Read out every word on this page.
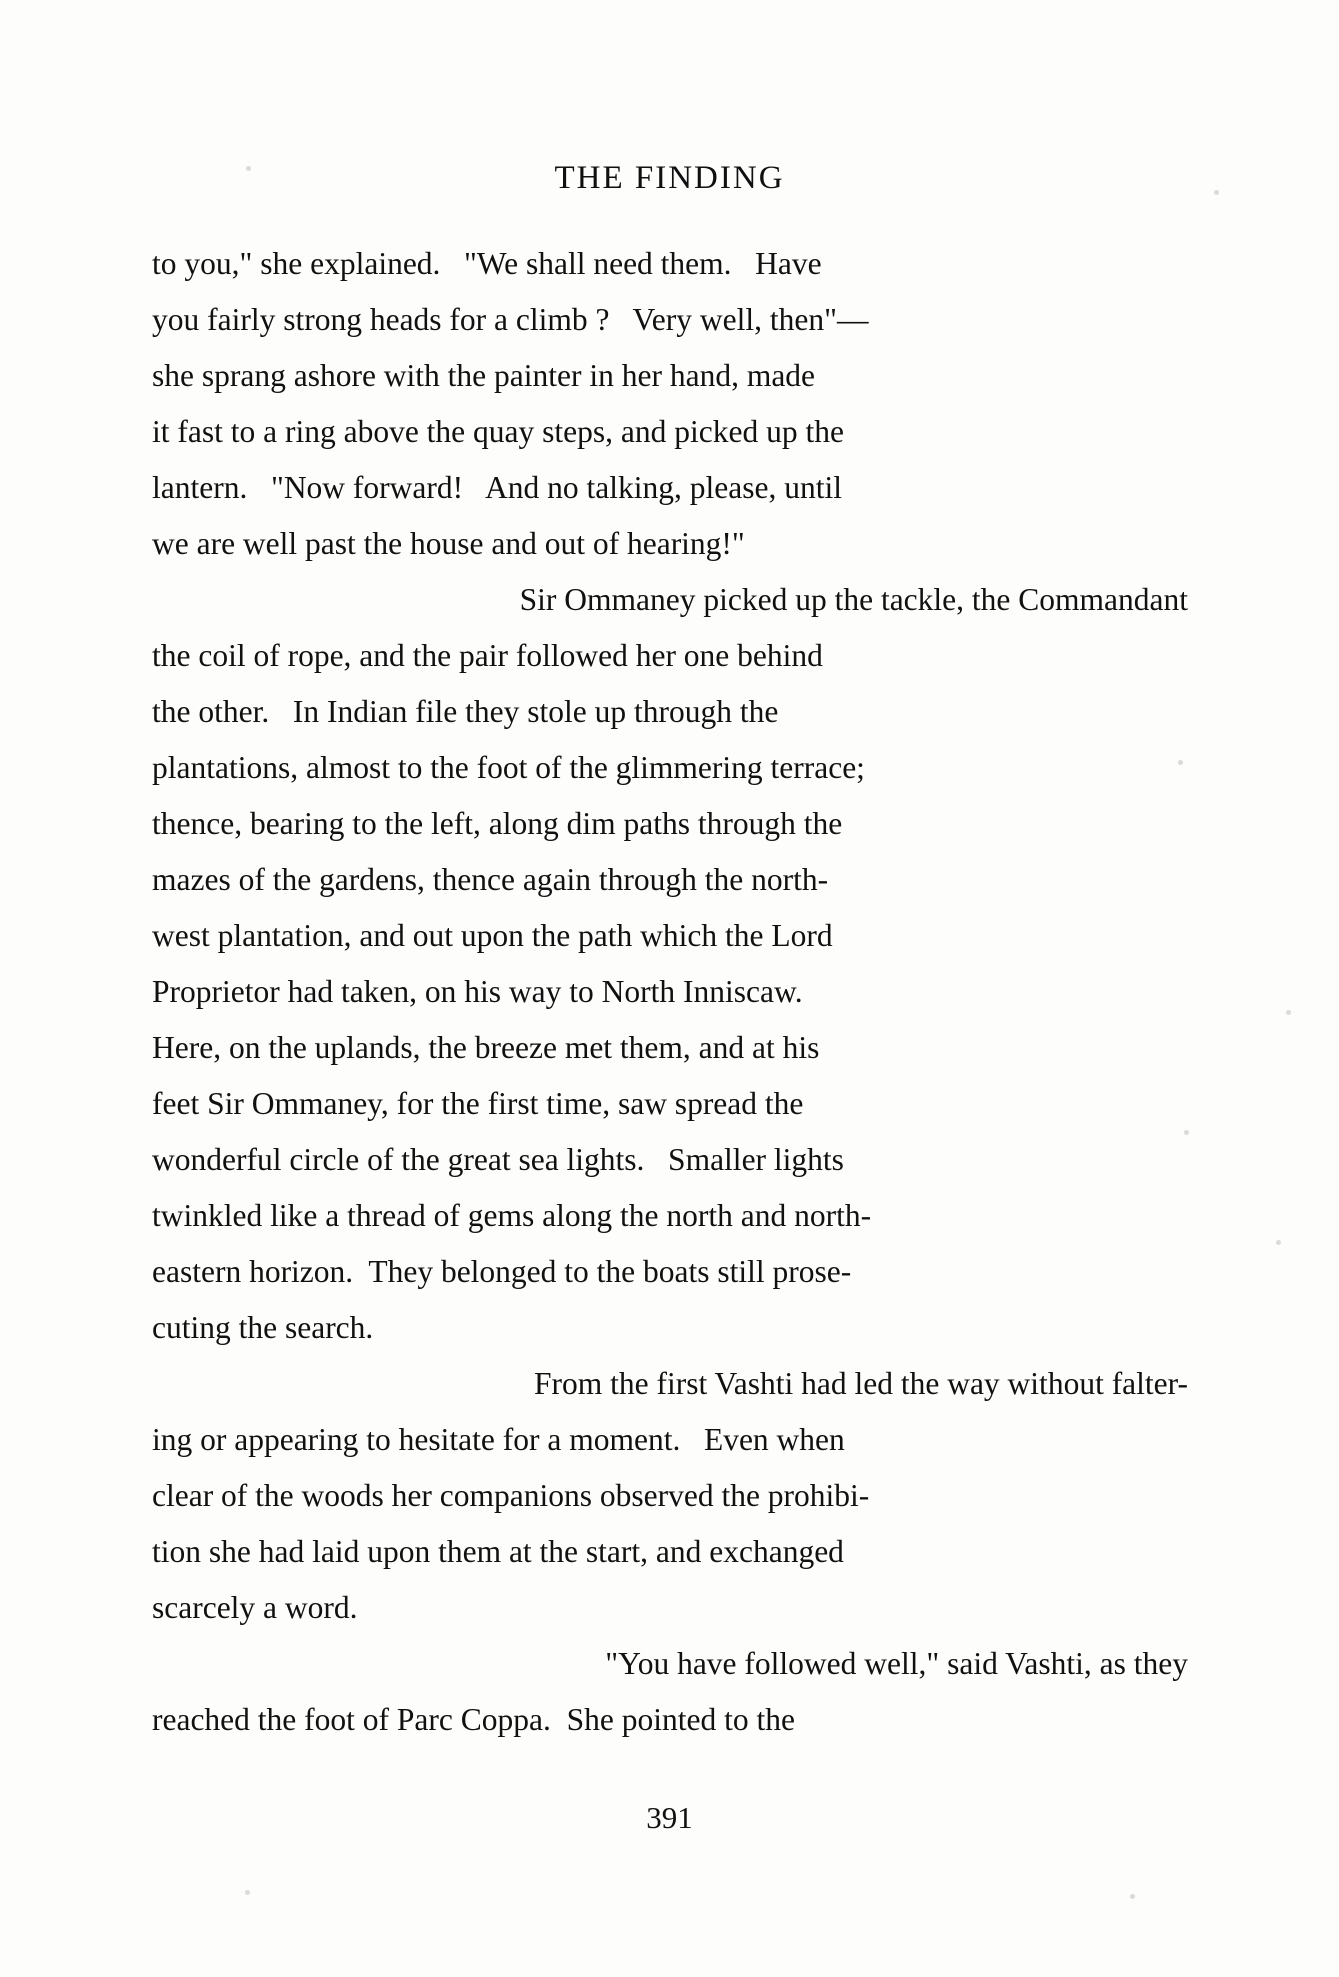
THE FINDING

to you," she explained.   "We shall need them.   Have
you fairly strong heads for a climb ?   Very well, then"—
she sprang ashore with the painter in her hand, made
it fast to a ring above the quay steps, and picked up the
lantern.   "Now forward!   And no talking, please, until
we are well past the house and out of hearing!"

Sir Ommaney picked up the tackle, the Commandant
the coil of rope, and the pair followed her one behind
the other.   In Indian file they stole up through the
plantations, almost to the foot of the glimmering terrace;
thence, bearing to the left, along dim paths through the
mazes of the gardens, thence again through the north-
west plantation, and out upon the path which the Lord
Proprietor had taken, on his way to North Inniscaw.
Here, on the uplands, the breeze met them, and at his
feet Sir Ommaney, for the first time, saw spread the
wonderful circle of the great sea lights.   Smaller lights
twinkled like a thread of gems along the north and north-
eastern horizon.  They belonged to the boats still prose-
cuting the search.

From the first Vashti had led the way without falter-
ing or appearing to hesitate for a moment.   Even when
clear of the woods her companions observed the prohibi-
tion she had laid upon them at the start, and exchanged
scarcely a word.

"You have followed well," said Vashti, as they
reached the foot of Parc Coppa.  She pointed to the

391
